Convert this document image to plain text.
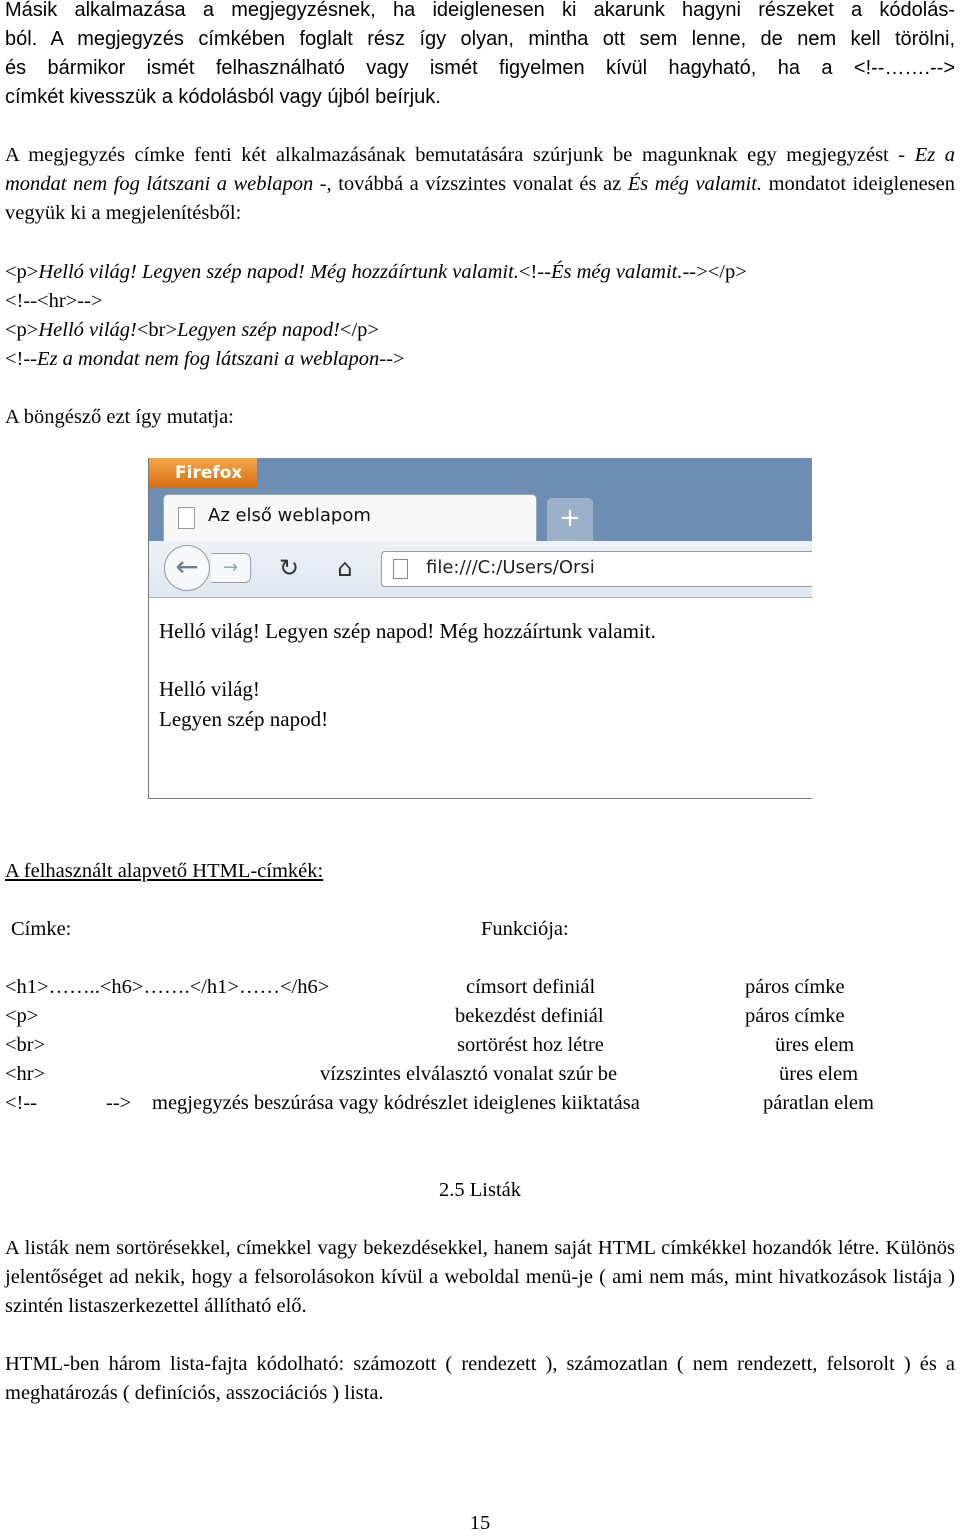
Másik alkalmazása a megjegyzésnek, ha ideiglenesen ki akarunk hagyni részeket a kódolás-
ból. A megjegyzés címkében foglalt rész így olyan, mintha ott sem lenne, de nem kell törölni,
és bármikor ismét felhasználható vagy ismét figyelmen kívül hagyható, ha a <!--…….-->
címkét kivesszük a kódolásból vagy újból beírjuk.
A megjegyzés címke fenti két alkalmazásának bemutatására szúrjunk be magunknak egy megjegyzést - Ez a mondat nem fog látszani a weblapon -, továbbá a vízszintes vonalat és az És még valamit. mondatot ideiglenesen vegyük ki a megjelenítésből:
<p>Helló világ! Legyen szép napod! Még hozzáírtunk valamit.<!--És még valamit.--></p>
<!--<hr>-->
<p>Helló világ!<br>Legyen szép napod!</p>
<!--Ez a mondat nem fog látszani a weblapon-->
A böngésző ezt így mutatja:
Firefox
Az első weblapom	+
←	→	↻	⌂	file:///C:/Users/Orsi

Helló világ! Legyen szép napod! Még hozzáírtunk valamit.

Helló világ!

Legyen szép napod!

A felhasznált alapvető HTML-címkék:
Címke:	Funkciója:
<h1>……..<h6>…….</h1>……</h6>	címsort definiál	páros címke
<p>	bekezdést definiál	páros címke
<br>	sortörést hoz létre	üres elem
<hr>	vízszintes elválasztó vonalat szúr be	üres elem
<!--	--> megjegyzés beszúrása vagy kódrészlet ideiglenes kiiktatása	páratlan elem
2.5 Listák
A listák nem sortörésekkel, címekkel vagy bekezdésekkel, hanem saját HTML címkékkel hozandók létre. Különös jelentőséget ad nekik, hogy a felsorolásokon kívül a weboldal menü-je ( ami nem más, mint hivatkozások listája ) szintén listaszerkezettel állítható elő.
HTML-ben három lista-fajta kódolható: számozott ( rendezett ), számozatlan ( nem rendezett, felsorolt ) és a meghatározás ( definíciós, asszociációs ) lista.
15
